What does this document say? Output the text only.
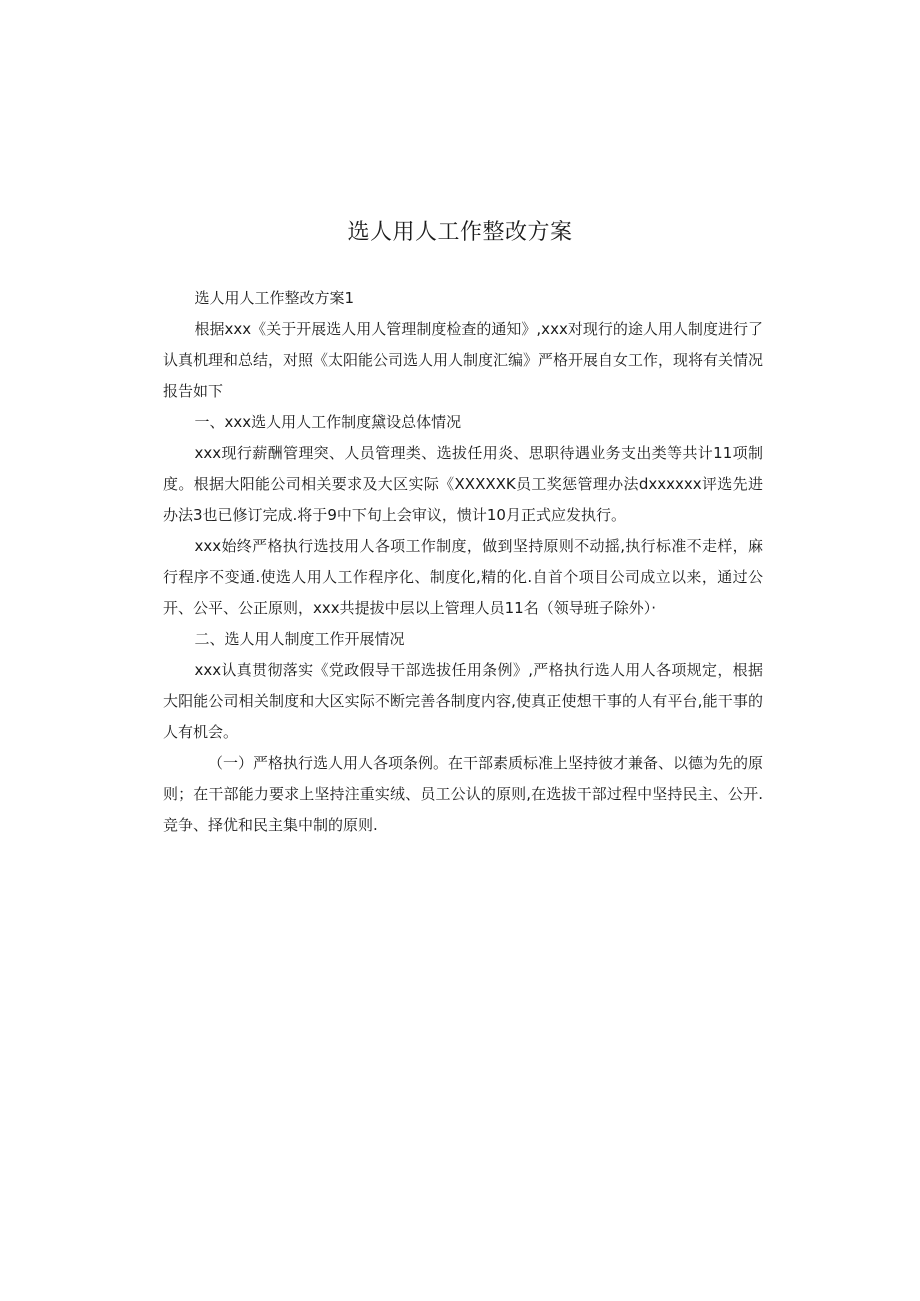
选人用人工作整改方案

选人用人工作整改方案1

根据xxx《关于开展选人用人管理制度检查的通知》,xxx对现行的途人用人制度进行了认真机理和总结，对照《太阳能公司选人用人制度汇编》严格开展自女工作，现将有关情况报告如下

一、xxx选人用人工作制度黛设总体情况

xxx现行薪酬管理突、人员管理类、选拔任用炎、思职待遇业务支出类等共计11项制度。根据大阳能公司相关要求及大区实际《XXXXXK员工奖惩管理办法dxxxxxx评选先进办法3也已修订完成.将于9中下旬上会审议，愦计10月正式应发执行。

xxx始终严格执行选技用人各项工作制度，做到坚持原则不动摇,执行标准不走样，麻行程序不变通.使选人用人工作程序化、制度化,精的化.自首个项目公司成立以来，通过公开、公平、公正原则，xxx共提拔中层以上管理人员11名（领导班子除外）·

二、选人用人制度工作开展情况

xxx认真贯彻落实《党政假导干部选拔任用条例》,严格执行选人用人各项规定，根据大阳能公司相关制度和大区实际不断完善各制度内容,使真正使想干事的人有平台,能干事的人有机会。

（一）严格执行选人用人各项条例。在干部素质标准上坚持彼才兼备、以德为先的原则；在干部能力要求上坚持注重实绒、员工公认的原则,在选拔干部过程中坚持民主、公开.竞争、择优和民主集中制的原则.
